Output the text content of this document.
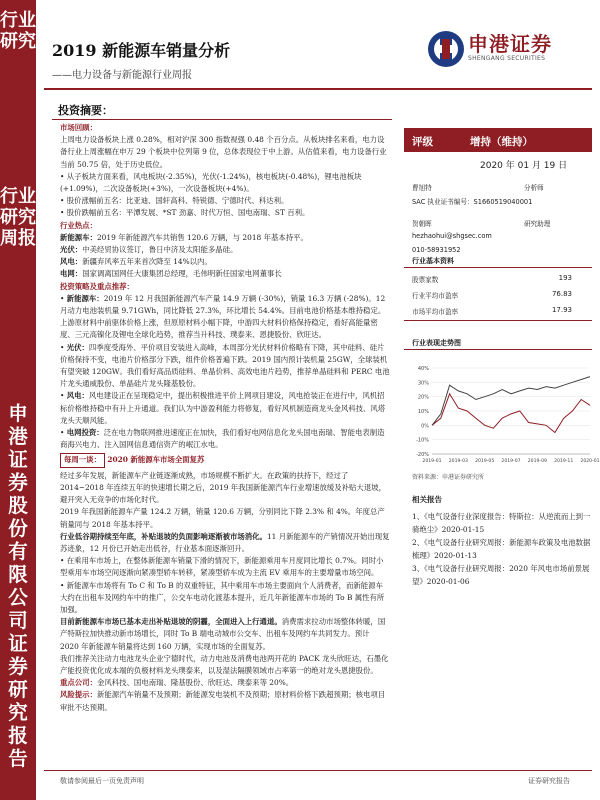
行业研究
行业研究周报
申港证券股份有限公司证券研究报告
2019 新能源车销量分析
——电力设备与新能源行业周报
申港证券
SHENGANG SECURITIES
投资摘要：

市场回顾：

上周电力设备板块上涨 0.28%，相对沪深 300 指数视强 0.48 个百分点。从板块排名来看，电力设备行业上周涨幅在申万 29 个板块中位列第 9 位，总体表现位于中上游。从估值来看，电力设备行业当前 50.75 倍，处于历史低位。

• 从子板块方面来看，风电板块(-2.35%)，光伏(-1.24%)，核电板块(-0.48%)，锂电池板块(+1.09%)，二次设备板块(+3%)，一次设备板块(+4%)。

• 股价涨幅前五名：比亚迪、国轩高科、特锐德、宁德时代、科达利。

• 股价跌幅前五名：平潭发展、*ST 劲嘉、时代万恒、国电南瑞、ST 百利。

行业热点：

新能源车：2019 年新能源汽车共销售 120.6 万辆，与 2018 年基本持平。

光伏：中美经贸协议签订，鲁日中济及太阳能多晶硅。

风电：新疆弃风率五年来首次降至 14%以内。

电网：国家调离国网任大康集团总经理，毛伟明新任国家电网董事长

投资策略及重点推荐：

• 新能源车：2019 年 12 月我国新能源汽车产量 14.9 万辆 (-30%)，销量 16.3 万辆 (-28%)。12 月动力电池装机量 9.71GWh，同比降低 27.3%，环比增长 54.4%。目前电池价格基本维持稳定。上游原材料中前驱体价格上涨，但原原材料小幅下降，中游四大材料价格保持稳定，看好高能量密度、三元高镍化及锂电全球化趋势，推荐当升科技、璞泰来、恩捷股份、欣旺达。

• 光伏：四季度受海外、平价项目安装进入高峰，本周部分光伏材料价格略有下降，其中硅料、硅片价格保持不变，电池片价格部分下跌，组件价格普遍下跌。2019 国内预计装机量 25GW，全球装机有望突破 120GW。我们看好高品质硅料、单晶价料、高效电池片趋势，推荐单晶硅料和 PERC 电池片龙头通威股份、单晶硅片龙头隆基股份。

• 风电：风电建设正在呈现稳定中，提出积极推进平价上网项目建设，风电抢装正在进行中，风机招标价格维持稳中有升上升通道。我们认为中游盈利能力将修复，看好风机制造商龙头金风科技、风塔龙头天顺风能。

• 电网投资：泛在电力物联网推进速度正在加快，我们看好电网信息化龙头国电南瑞、智能电表制造商海兴电力、注入国网信息通信资产的岷江水电。

每周一谈： 2020 新能源车市场全面复苏

经过多年发展，新能源车产业链逐渐成熟，市场规模不断扩大。在政策的扶持下，经过了 2014~2018 年连续五年的快速增长期之后，2019 年我国新能源汽车行业增速放缓及补贴大退坡，避开突入无竞争的市场化时代。

2019 年我国新能源车产量 124.2 万辆，销量 120.6 万辆，分别同比下降 2.3% 和 4%。年度总产销量同与 2018 年基本持平。

行业低谷期持续至年底，补贴退坡的负面影响逐渐被市场消化。11 月新能源车的产销情况开始出现复苏迹象，12 月份已开始走出低谷，行业基本面逐渐回升。

• 在乘用车市场上，在整体新能源车销量下滑的情况下，新能源乘用车月度同比增长 0.7%。同时小型乘用车市场空间逐渐向紧凑型轿车转移，紧凑型轿车成为主流 EV 乘用车的主要增量市场空间。

• 新能源车市场将有 To C 和 To B 的双重特征，其中乘用车市场主要面向个人消费者，而新能源车大约在出租车及网约车中的推广，公交车电动化渡基本提升，近几年新能源车市场的 To B 属性有所加强。

目前新能源车市场已基本走出补贴退坡的阴霾，全面进入上行通道。消费需求拉动市场整体转暖，国产特斯拉加快推动新市场增长，同时 To B 端电动城市公交车、出租车及网约车共同发力。预计 2020 年新能源车销量将达到 160 万辆，实现市场的全面复苏。

我们推荐关注动力电池龙头企业宁德时代，动力电池及消费电池两开花的 PACK 龙头欣旺达，石墨化产能投资优化成本端的负极材料龙头璞泰来，以及湿法隔膜领域市占率第一的绝对龙头恩捷股份。

重点公司：金风科技、国电南瑞、隆基股份、欣旺达、璞泰来等 20%。

风险提示：新能源汽车销量不及预期；新能源发电装机不及预期；原材料价格下跌超预期；核电项目审批不达预期。

评级	增持（维持）
2020 年 01 月 19 日
曹旭特	分析师
SAC 执业证书编号：S1660519040001
贺朝晖	研究助理
hezhaohui@shgsec.com
010-58931952
行业基本资料
股票家数	193
行业平均市盈率	76.83
市场平均市盈率	17.93
行业表现走势图
40%
30%
20%
10%
0%
-10%
-20%
2019-01 2019-03 2019-05 2019-07 2019-09 2019-11 2020-01
资料来源：申港证券研究所
相关报告

1、《电气设备行业深度报告：特斯拉：从逆流而上到一骑绝尘》2020-01-15

2、《电气设备行业研究周报：新能源车政策及电池数据梳理》2020-01-13

3、《电气设备行业研究周报：2020 年风电市场前景展望》2020-01-06

敬请参阅最后一页免责声明	证券研究报告
